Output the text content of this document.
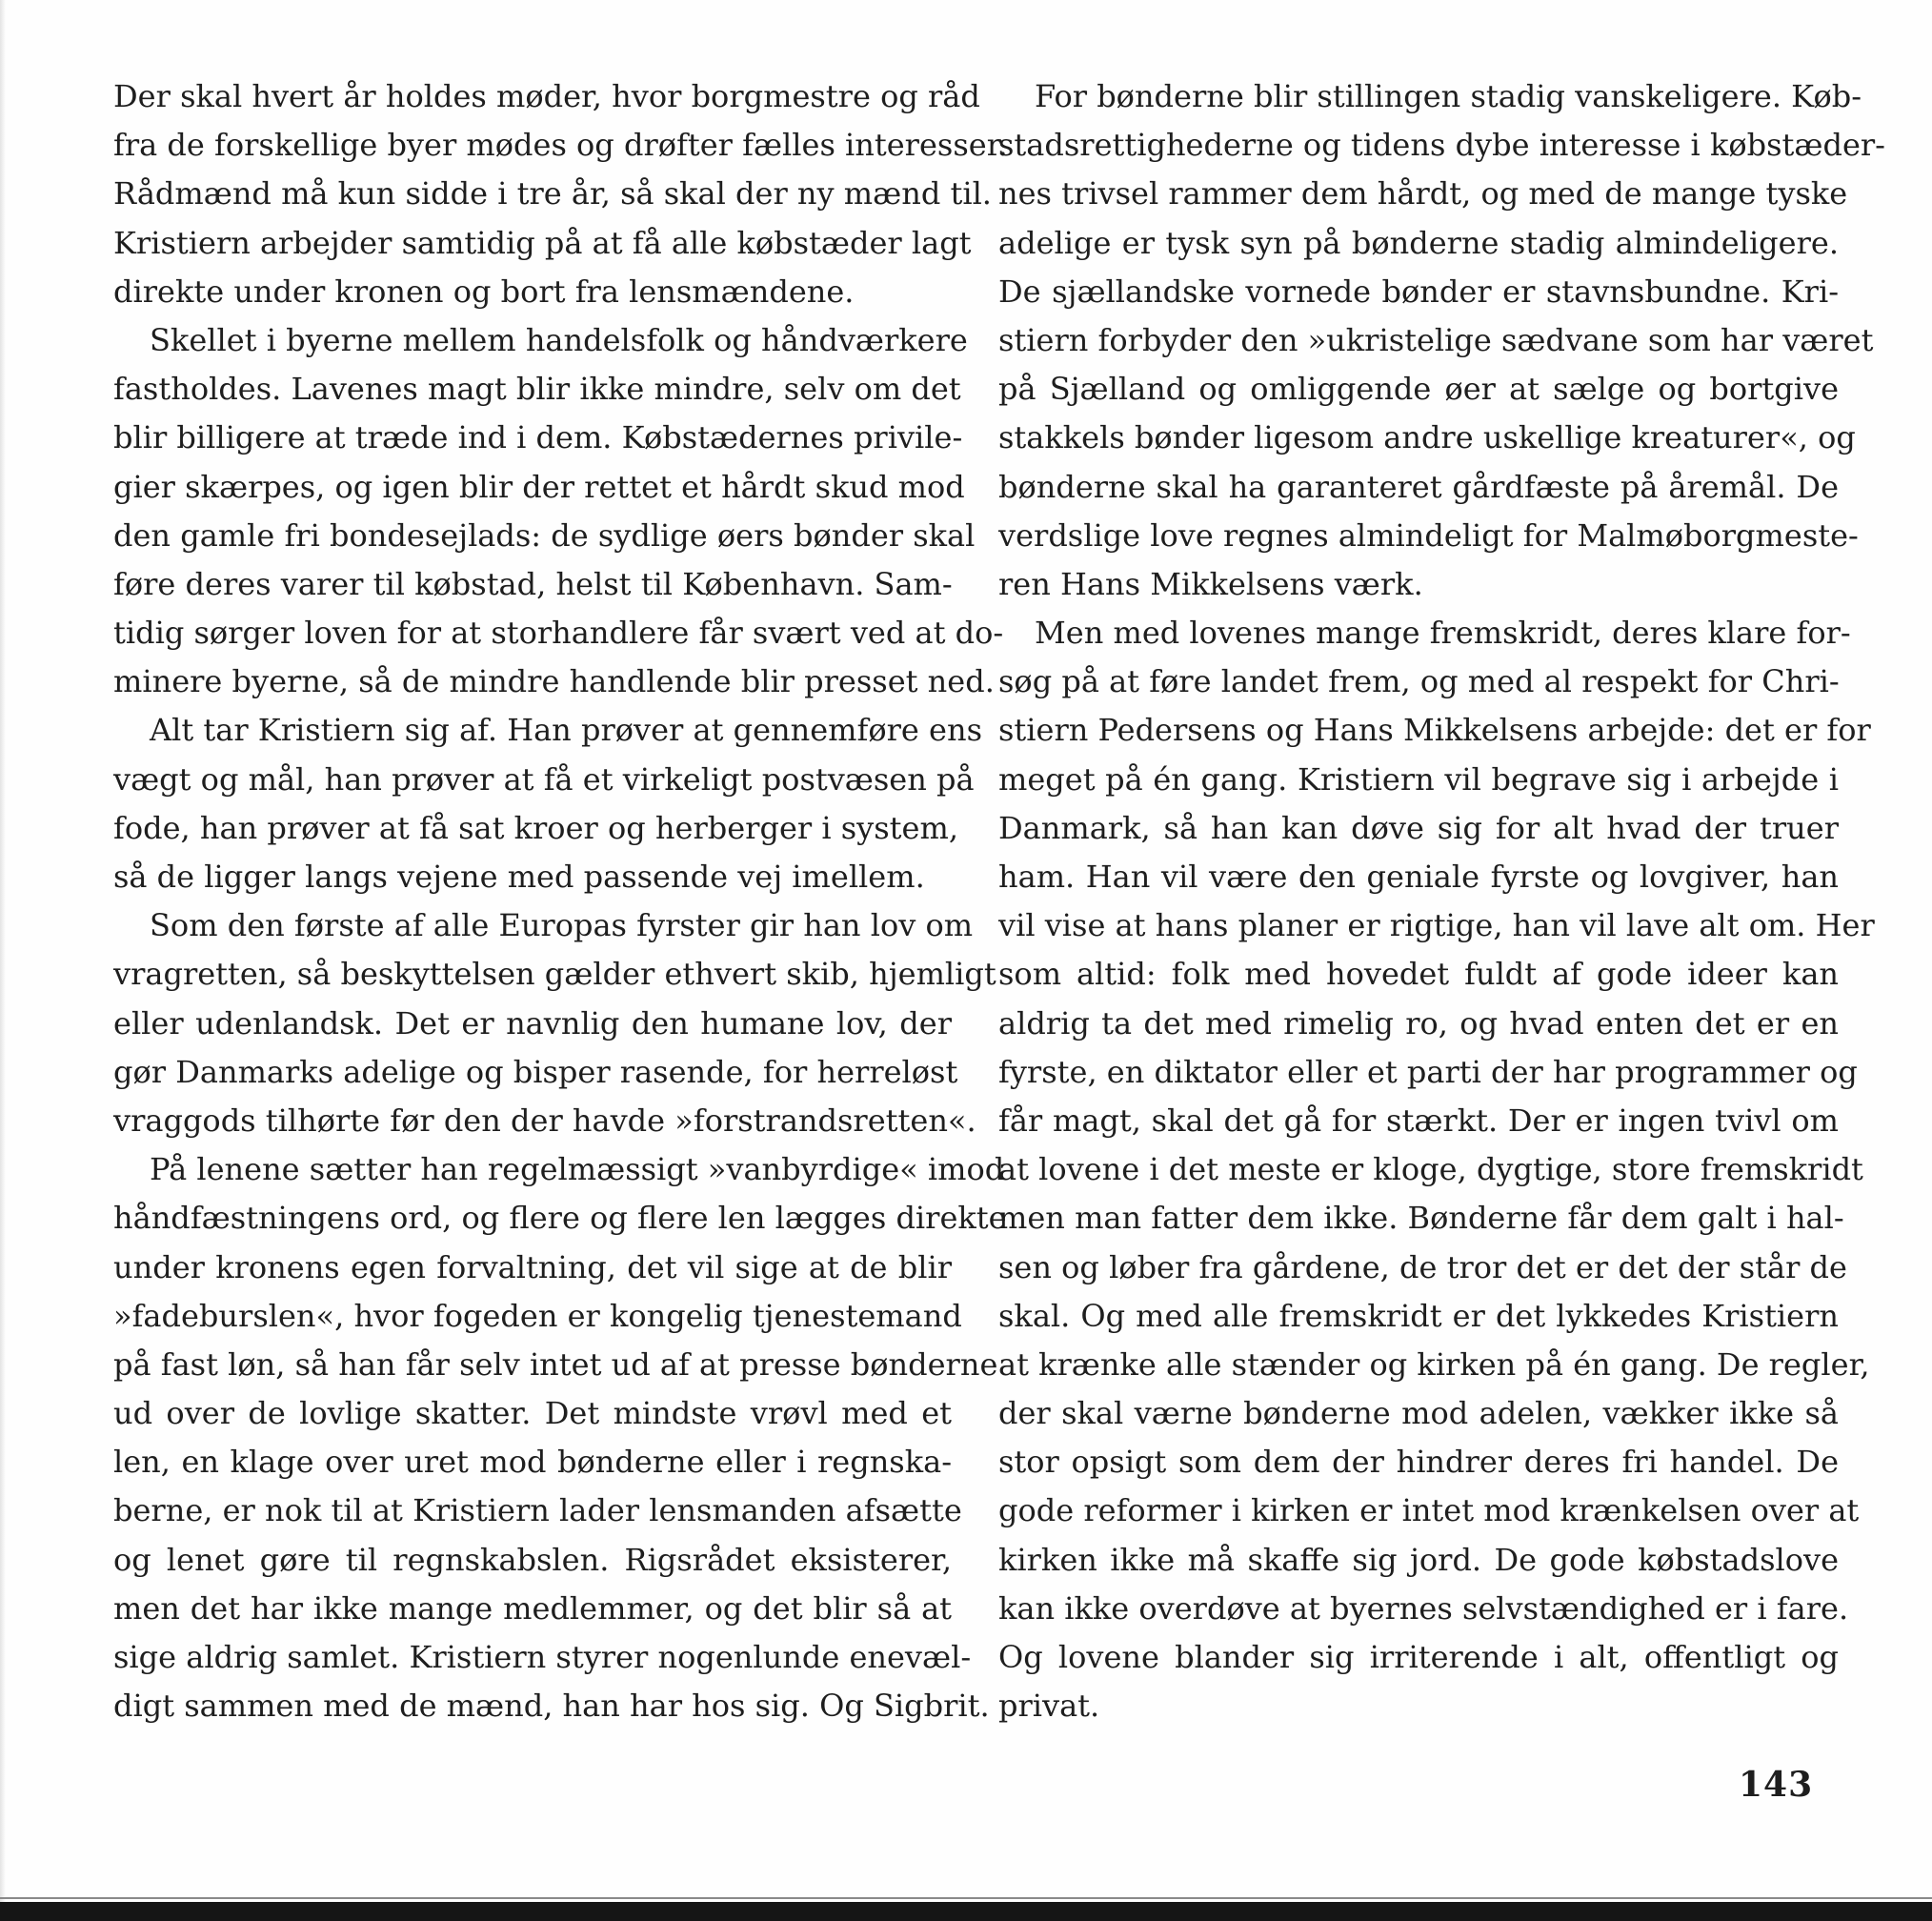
Der skal hvert år holdes møder, hvor borgmestre og råd
fra de forskellige byer mødes og drøfter fælles interesser.
Rådmænd må kun sidde i tre år, så skal der ny mænd til.
Kristiern arbejder samtidig på at få alle købstæder lagt
direkte under kronen og bort fra lensmændene.
Skellet i byerne mellem handelsfolk og håndværkere
fastholdes. Lavenes magt blir ikke mindre, selv om det
blir billigere at træde ind i dem. Købstædernes privile-
gier skærpes, og igen blir der rettet et hårdt skud mod
den gamle fri bondesejlads: de sydlige øers bønder skal
føre deres varer til købstad, helst til København. Sam-
tidig sørger loven for at storhandlere får svært ved at do-
minere byerne, så de mindre handlende blir presset ned.
Alt tar Kristiern sig af. Han prøver at gennemføre ens
vægt og mål, han prøver at få et virkeligt postvæsen på
fode, han prøver at få sat kroer og herberger i system,
så de ligger langs vejene med passende vej imellem.
Som den første af alle Europas fyrster gir han lov om
vragretten, så beskyttelsen gælder ethvert skib, hjemligt
eller udenlandsk. Det er navnlig den humane lov, der
gør Danmarks adelige og bisper rasende, for herreløst
vraggods tilhørte før den der havde »forstrandsretten«.
På lenene sætter han regelmæssigt »vanbyrdige« imod
håndfæstningens ord, og flere og flere len lægges direkte
under kronens egen forvaltning, det vil sige at de blir
»fadeburslen«, hvor fogeden er kongelig tjenestemand
på fast løn, så han får selv intet ud af at presse bønderne
ud over de lovlige skatter. Det mindste vrøvl med et
len, en klage over uret mod bønderne eller i regnska-
berne, er nok til at Kristiern lader lensmanden afsætte
og lenet gøre til regnskabslen. Rigsrådet eksisterer,
men det har ikke mange medlemmer, og det blir så at
sige aldrig samlet. Kristiern styrer nogenlunde enevæl-
digt sammen med de mænd, han har hos sig. Og Sigbrit.
For bønderne blir stillingen stadig vanskeligere. Køb-
stadsrettighederne og tidens dybe interesse i købstæder-
nes trivsel rammer dem hårdt, og med de mange tyske
adelige er tysk syn på bønderne stadig almindeligere.
De sjællandske vornede bønder er stavnsbundne. Kri-
stiern forbyder den »ukristelige sædvane som har været
på Sjælland og omliggende øer at sælge og bortgive
stakkels bønder ligesom andre uskellige kreaturer«, og
bønderne skal ha garanteret gårdfæste på åremål. De
verdslige love regnes almindeligt for Malmøborgmeste-
ren Hans Mikkelsens værk.
Men med lovenes mange fremskridt, deres klare for-
søg på at føre landet frem, og med al respekt for Chri-
stiern Pedersens og Hans Mikkelsens arbejde: det er for
meget på én gang. Kristiern vil begrave sig i arbejde i
Danmark, så han kan døve sig for alt hvad der truer
ham. Han vil være den geniale fyrste og lovgiver, han
vil vise at hans planer er rigtige, han vil lave alt om. Her
som altid: folk med hovedet fuldt af gode ideer kan
aldrig ta det med rimelig ro, og hvad enten det er en
fyrste, en diktator eller et parti der har programmer og
får magt, skal det gå for stærkt. Der er ingen tvivl om
at lovene i det meste er kloge, dygtige, store fremskridt
men man fatter dem ikke. Bønderne får dem galt i hal-
sen og løber fra gårdene, de tror det er det der står de
skal. Og med alle fremskridt er det lykkedes Kristiern
at krænke alle stænder og kirken på én gang. De regler,
der skal værne bønderne mod adelen, vækker ikke så
stor opsigt som dem der hindrer deres fri handel. De
gode reformer i kirken er intet mod krænkelsen over at
kirken ikke må skaffe sig jord. De gode købstadslove
kan ikke overdøve at byernes selvstændighed er i fare.
Og lovene blander sig irriterende i alt, offentligt og
privat.
143
